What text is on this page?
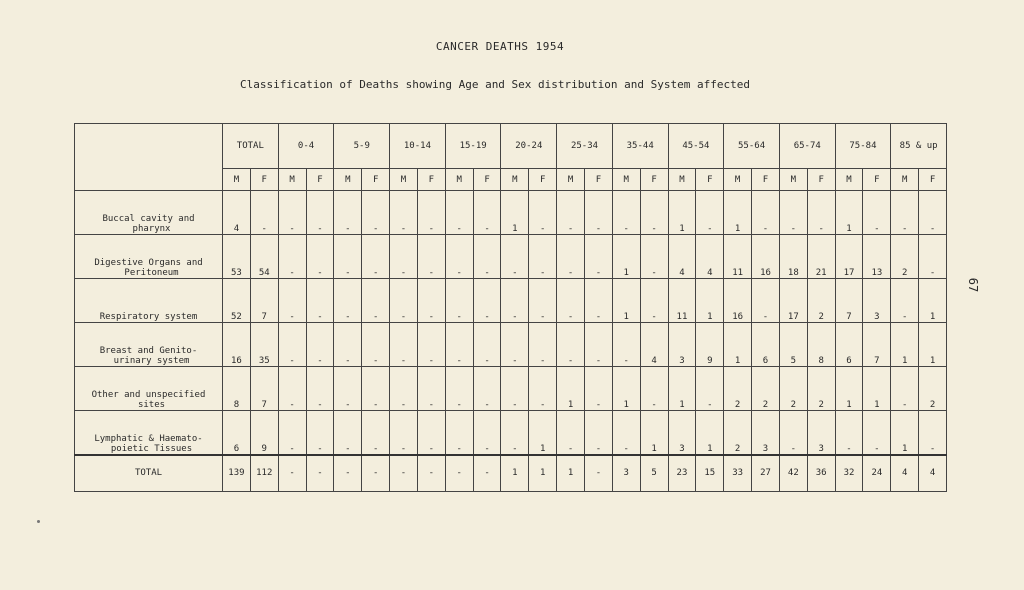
CANCER DEATHS 1954
Classification of Deaths showing Age and Sex distribution and System affected
67
	TOTAL		0-4		5-9		10-14		15-19		20-24		25-34		35-44		45-54		55-64		65-74		75-84		85 & up	
	M	F	M	F	M	F	M	F	M	F	M	F	M	F	M	F	M	F	M	F	M	F	M	F	M	F

Buccal cavity and
pharynx	4	-	-	-	-	-	-	-	-	-	1	-	-	-	-	-	1	-	1	-	-	-	1	-	-	-

Digestive Organs and
Peritoneum	53	54	-	-	-	-	-	-	-	-	-	-	-	-	1	-	4	4	11	16	18	21	17	13	2	-

Respiratory system	52	7	-	-	-	-	-	-	-	-	-	-	-	-	1	-	11	1	16	-	17	2	7	3	-	1

Breast and Genito-
urinary system	16	35	-	-	-	-	-	-	-	-	-	-	-	-	-	4	3	9	1	6	5	8	6	7	1	1

Other and unspecified
sites	8	7	-	-	-	-	-	-	-	-	-	-	1	-	1	-	1	-	2	2	2	2	1	1	-	2

Lymphatic & Haemato-
poietic Tissues	6	9	-	-	-	-	-	-	-	-	-	1	-	-	-	1	3	1	2	3	-	3	-	-	1	-
TOTAL	139	112	-	-	-	-	-	-	-	-	1	1	1	-	3	5	23	15	33	27	42	36	32	24	4	4
